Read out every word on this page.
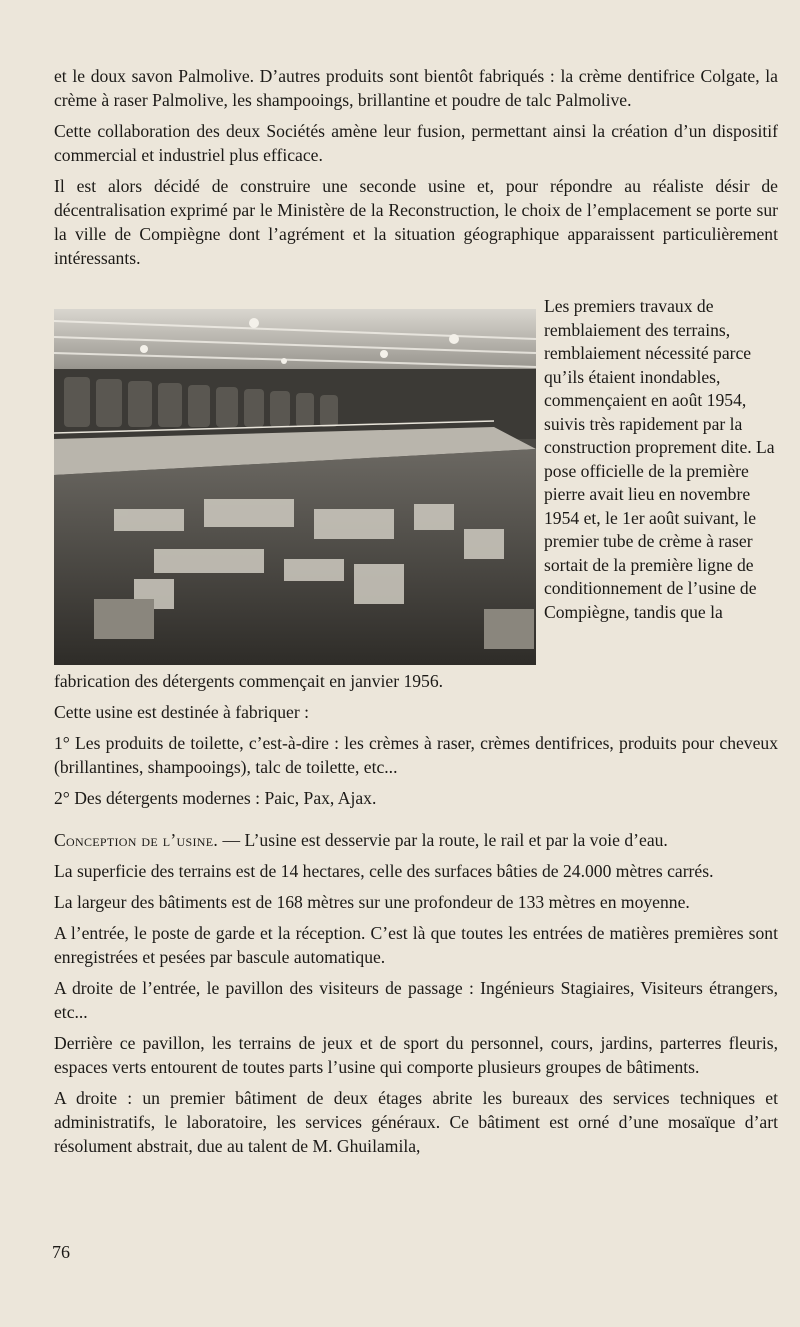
et le doux savon Palmolive. D’autres produits sont bientôt fabriqués : la crème dentifrice Colgate, la crème à raser Palmolive, les shampooings, brillantine et poudre de talc Palmolive.

Cette collaboration des deux Sociétés amène leur fusion, permettant ainsi la création d’un dispositif commercial et industriel plus efficace.

Il est alors décidé de construire une seconde usine et, pour répondre au réaliste désir de décentralisation exprimé par le Ministère de la Reconstruction, le choix de l’emplacement se porte sur la ville de Compiègne dont l’agrément et la situation géographique apparaissent particulièrement intéressants.

Les premiers travaux de remblaiement des terrains, remblaiement nécessité parce qu’ils étaient inondables, commençaient en août 1954, suivis très rapidement par la construction proprement dite. La pose officielle de la première pierre avait lieu en novembre 1954 et, le 1er août suivant, le premier tube de crème à raser sortait de la première ligne de conditionnement de l’usine de Compiègne, tandis que la

fabrication des détergents commençait en janvier 1956.

Cette usine est destinée à fabriquer :

1° Les produits de toilette, c’est-à-dire : les crèmes à raser, crèmes dentifrices, produits pour cheveux (brillantines, shampooings), talc de toilette, etc...

2° Des détergents modernes : Paic, Pax, Ajax.

Conception de l’usine. — L’usine est desservie par la route, le rail et par la voie d’eau.

La superficie des terrains est de 14 hectares, celle des surfaces bâties de 24.000 mètres carrés.

La largeur des bâtiments est de 168 mètres sur une profondeur de 133 mètres en moyenne.

A l’entrée, le poste de garde et la réception. C’est là que toutes les entrées de matières premières sont enregistrées et pesées par bascule automatique.

A droite de l’entrée, le pavillon des visiteurs de passage : Ingénieurs Stagiaires, Visiteurs étrangers, etc...

Derrière ce pavillon, les terrains de jeux et de sport du personnel, cours, jardins, parterres fleuris, espaces verts entourent de toutes parts l’usine qui comporte plusieurs groupes de bâtiments.

A droite : un premier bâtiment de deux étages abrite les bureaux des services techniques et administratifs, le laboratoire, les services généraux. Ce bâtiment est orné d’une mosaïque d’art résolument abstrait, due au talent de M. Ghuilamila,

76
